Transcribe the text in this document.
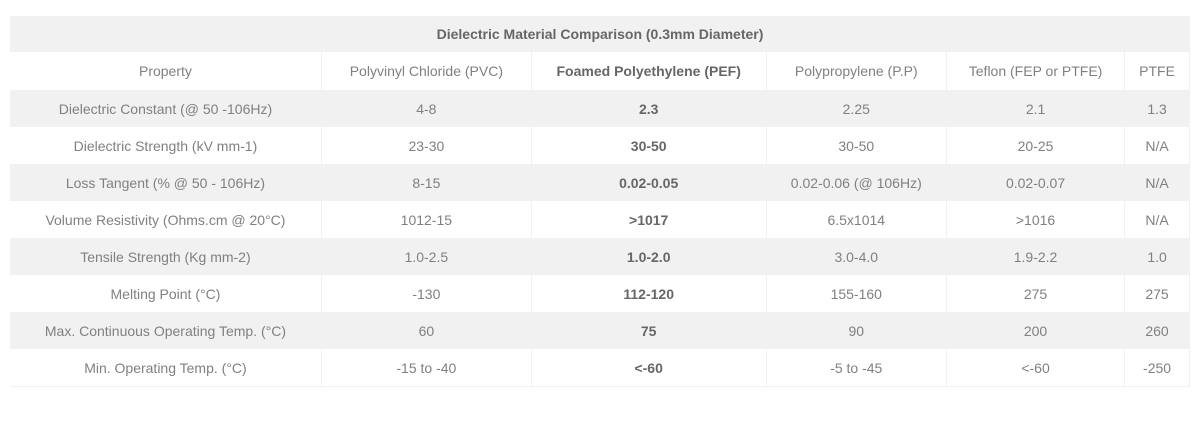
Dielectric Material Comparison (0.3mm Diameter)
Property	Polyvinyl Chloride (PVC)	Foamed Polyethylene (PEF)	Polypropylene (P.P)	Teflon (FEP or PTFE)	PTFE
Dielectric Constant (@ 50 -106Hz)	4-8	2.3	2.25	2.1	1.3
Dielectric Strength (kV mm-1)	23-30	30-50	30-50	20-25	N/A
Loss Tangent (% @ 50 - 106Hz)	8-15	0.02-0.05	0.02-0.06 (@ 106Hz)	0.02-0.07	N/A
Volume Resistivity (Ohms.cm @ 20°C)	1012-15	>1017	6.5x1014	>1016	N/A
Tensile Strength (Kg mm-2)	1.0-2.5	1.0-2.0	3.0-4.0	1.9-2.2	1.0
Melting Point (°C)	-130	112-120	155-160	275	275
Max. Continuous Operating Temp. (°C)	60	75	90	200	260
Min. Operating Temp. (°C)	-15 to -40	<-60	-5 to -45	<-60	-250
